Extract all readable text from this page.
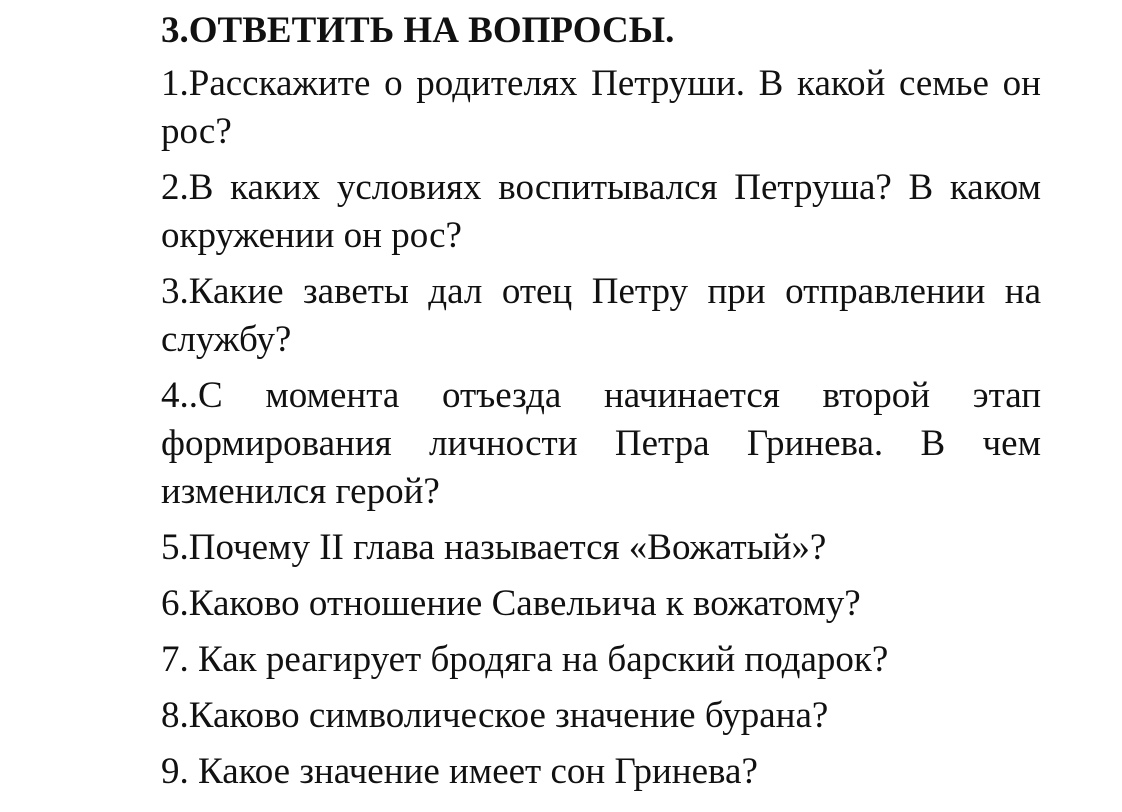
3.ОТВЕТИТЬ НА ВОПРОСЫ.
1.Расскажите о родителях Петруши. В какой семье он рос?
2.В каких условиях воспитывался Петруша? В каком окружении он рос?
3.Какие заветы дал отец Петру при отправлении на службу?
4..С момента отъезда начинается второй этап формирования личности Петра Гринева. В чем изменился герой?
5.Почему II глава называется «Вожатый»?
6.Каково отношение Савельича к вожатому?
7. Как реагирует бродяга на барский подарок?
8.Каково символическое значение бурана?
9. Какое значение имеет сон Гринева?
